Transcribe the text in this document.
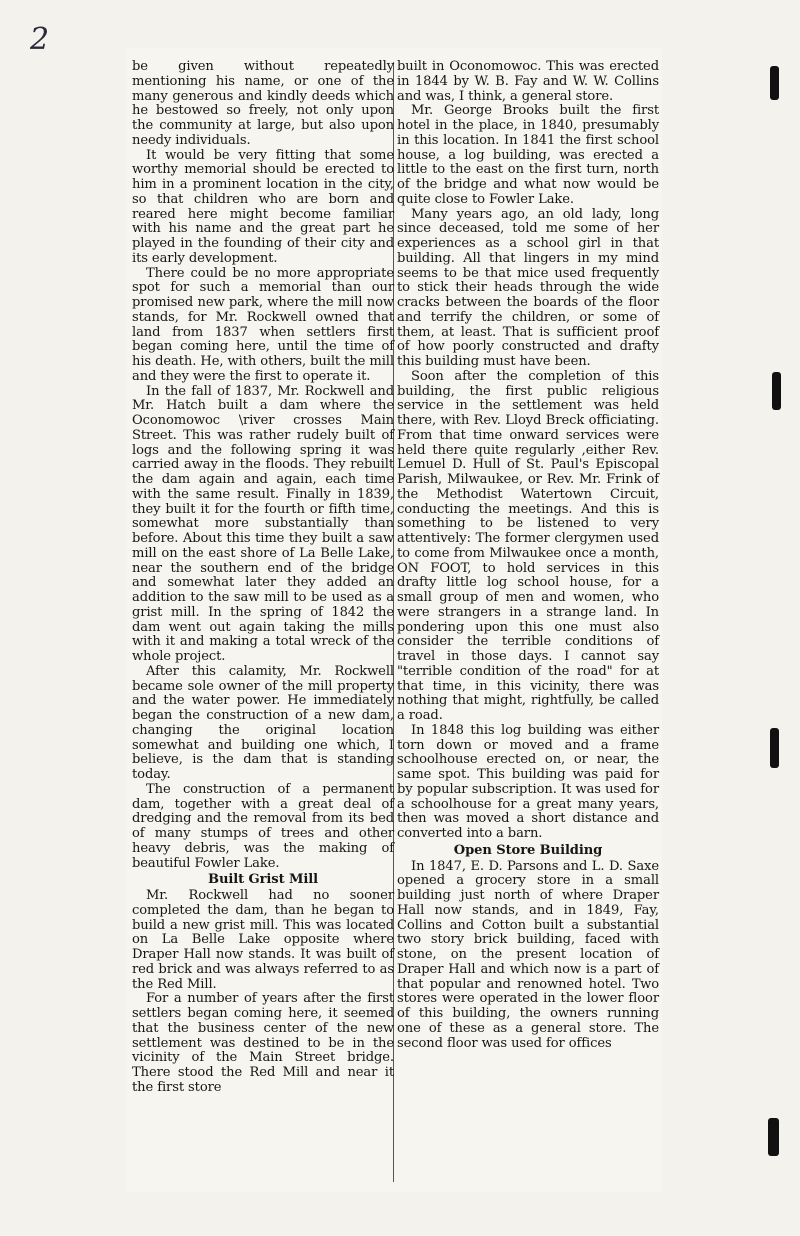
2

be given without repeatedly mentioning his name, or one of the many generous and kindly deeds which he bestowed so freely, not only upon the community at large, but also upon needy individuals.

It would be very fitting that some worthy memorial should be erected to him in a prominent location in the city, so that children who are born and reared here might become familiar with his name and the great part he played in the founding of their city and its early development.

There could be no more appropriate spot for such a memorial than our promised new park, where the mill now stands, for Mr. Rockwell owned that land from 1837 when settlers first began coming here, until the time of his death. He, with others, built the mill and they were the first to operate it.

In the fall of 1837, Mr. Rockwell and Mr. Hatch built a dam where the Oconomowoc \river crosses Main Street. This was rather rudely built of logs and the following spring it was carried away in the floods. They rebuilt the dam again and again, each time with the same result. Finally in 1839, they built it for the fourth or fifth time, somewhat more substantially than before. About this time they built a saw mill on the east shore of La Belle Lake, near the southern end of the bridge and somewhat later they added an addition to the saw mill to be used as a grist mill. In the spring of 1842 the dam went out again taking the mills with it and making a total wreck of the whole project.

After this calamity, Mr. Rockwell became sole owner of the mill property and the water power. He immediately began the construction of a new dam, changing the original location somewhat and building one which, I believe, is the dam that is standing today.

The construction of a permanent dam, together with a great deal of dredging and the removal from its bed of many stumps of trees and other heavy debris, was the making of beautiful Fowler Lake.

Built Grist Mill

Mr. Rockwell had no sooner completed the dam, than he began to build a new grist mill. This was located on La Belle Lake opposite where Draper Hall now stands. It was built of red brick and was always referred to as the Red Mill.

For a number of years after the first settlers began coming here, it seemed that the business center of the new settlement was destined to be in the vicinity of the Main Street bridge. There stood the Red Mill and near it the first store

built in Oconomowoc. This was erected in 1844 by W. B. Fay and W. W. Collins and was, I think, a general store.

Mr. George Brooks built the first hotel in the place, in 1840, presumably in this location. In 1841 the first school house, a log building, was erected a little to the east on the first turn, north of the bridge and what now would be quite close to Fowler Lake.

Many years ago, an old lady, long since deceased, told me some of her experiences as a school girl in that building. All that lingers in my mind seems to be that mice used frequently to stick their heads through the wide cracks between the boards of the floor and terrify the children, or some of them, at least. That is sufficient proof of how poorly constructed and drafty this building must have been.

Soon after the completion of this building, the first public religious service in the settlement was held there, with Rev. Lloyd Breck officiating. From that time onward services were held there quite regularly ,either Rev. Lemuel D. Hull of St. Paul's Episcopal Parish, Milwaukee, or Rev. Mr. Frink of the Methodist Watertown Circuit, conducting the meetings. And this is something to be listened to very attentively: The former clergymen used to come from Milwaukee once a month, ON FOOT, to hold services in this drafty little log school house, for a small group of men and women, who were strangers in a strange land. In pondering upon this one must also consider the terrible conditions of travel in those days. I cannot say "terrible condition of the road" for at that time, in this vicinity, there was nothing that might, rightfully, be called a road.

In 1848 this log building was either torn down or moved and a frame schoolhouse erected on, or near, the same spot. This building was paid for by popular subscription. It was used for a schoolhouse for a great many years, then was moved a short distance and converted into a barn.

Open Store Building

In 1847, E. D. Parsons and L. D. Saxe opened a grocery store in a small building just north of where Draper Hall now stands, and in 1849, Fay, Collins and Cotton built a substantial two story brick building, faced with stone, on the present location of Draper Hall and which now is a part of that popular and renowned hotel. Two stores were operated in the lower floor of this building, the owners running one of these as a general store. The second floor was used for offices
